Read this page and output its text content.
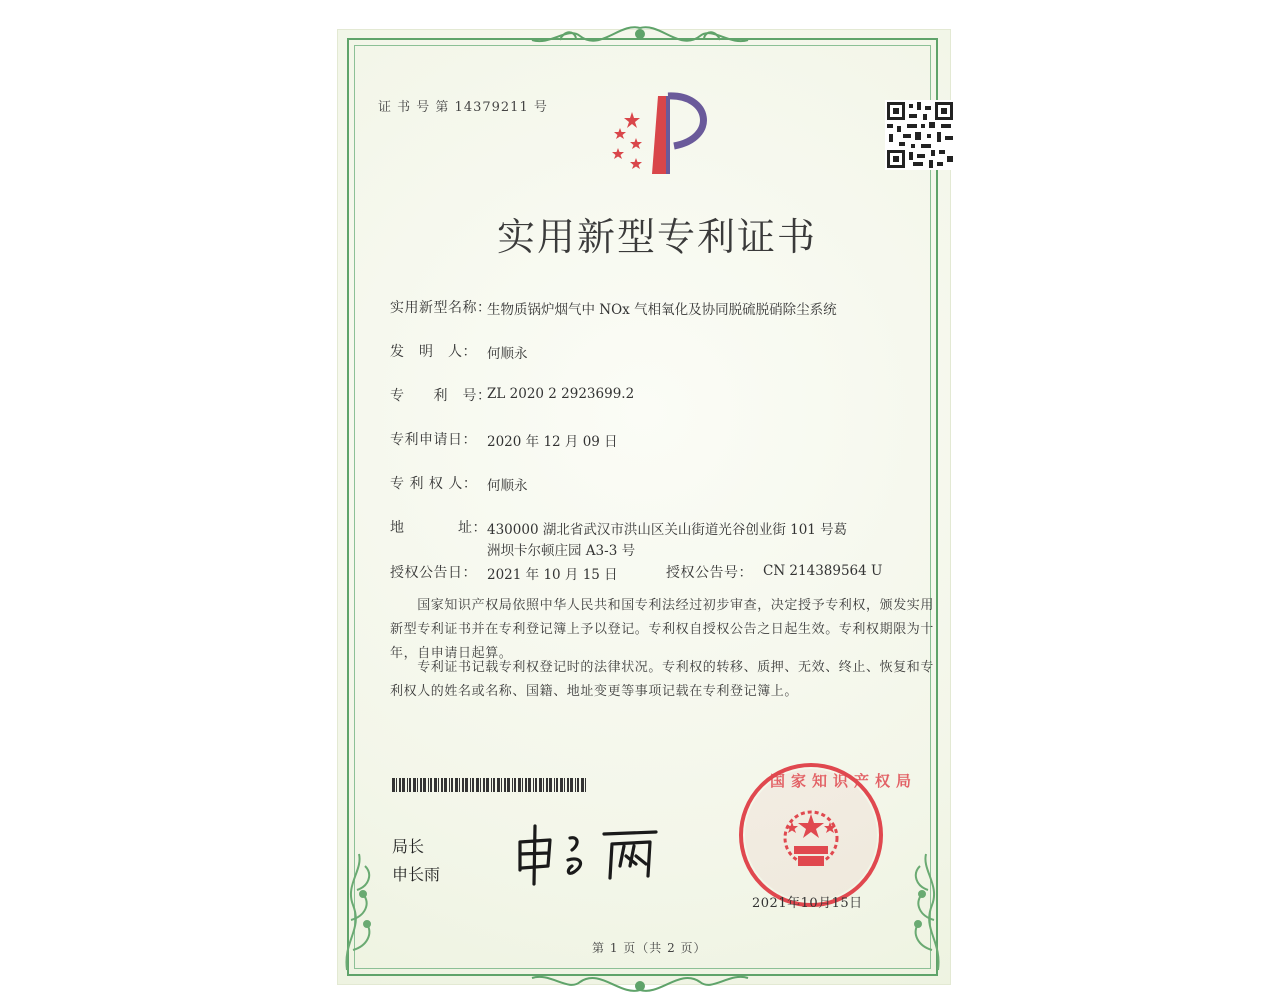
证 书 号 第 14379211 号
实用新型专利证书
实用新型名称：
生物质锅炉烟气中 NOx 气相氧化及协同脱硫脱硝除尘系统
发　明　人： 何顺永
专　　利　号：
ZL 2020 2 2923699.2
专利申请日： 2020 年 12 月 09 日
专 利 权 人： 何顺永
地	址： 430000 湖北省武汉市洪山区关山街道光谷创业街 101 号葛
洲坝卡尔顿庄园 A3-3 号
授权公告日： 2021 年 10 月 15 日	授权公告号： CN 214389564 U
　　国家知识产权局依照中华人民共和国专利法经过初步审查，决定授予专利权，颁发实用新型专利证书并在专利登记簿上予以登记。专利权自授权公告之日起生效。专利权期限为十年，自申请日起算。
　　专利证书记载专利权登记时的法律状况。专利权的转移、质押、无效、终止、恢复和专利权人的姓名或名称、国籍、地址变更等事项记载在专利登记簿上。
局长
申长雨
国家知识产权局
2021年10月15日
第 1 页（共 2 页）
